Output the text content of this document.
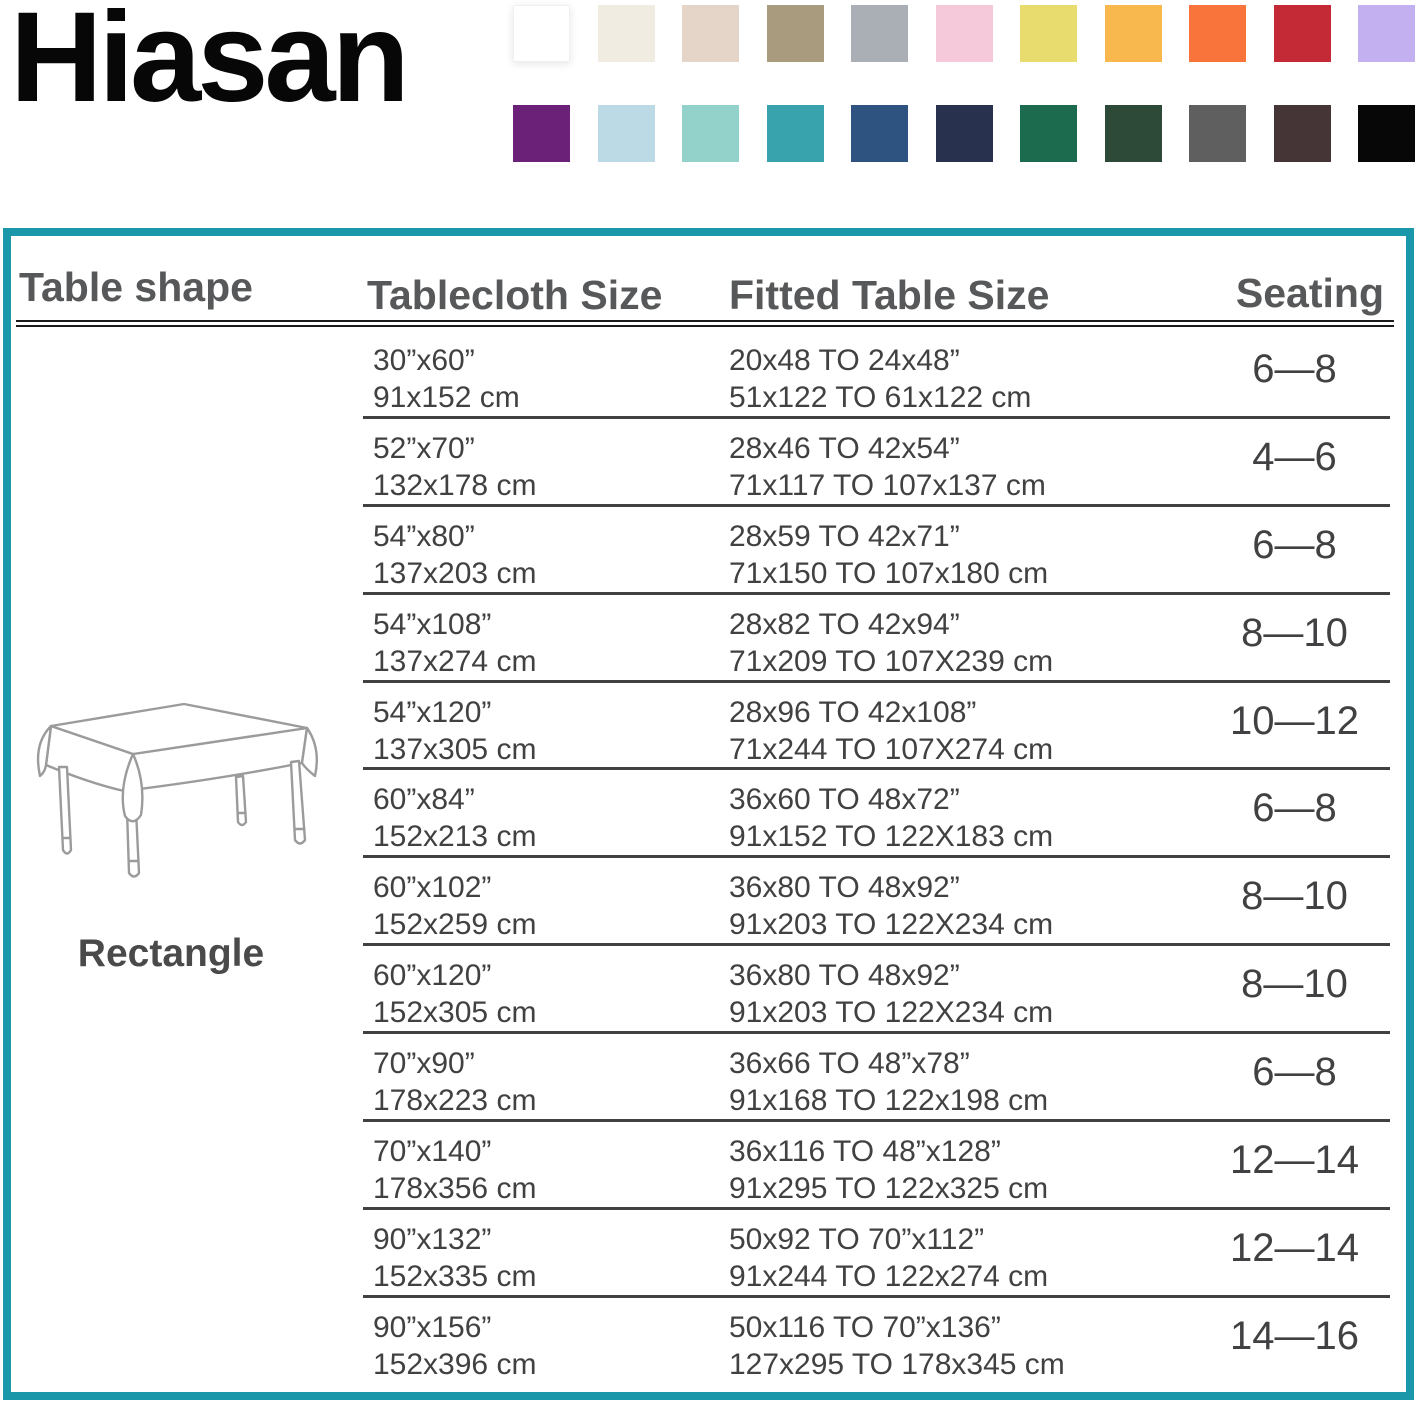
Hiasan
Table shape	Tablecloth Size Fitted Table Size	Seating
Rectangle
30”x60”
91x152 cm
20x48 TO 24x48”
51x122 TO 61x122 cm
6—8
52”x70”
132x178 cm
28x46 TO 42x54”
71x117 TO 107x137 cm
4—6
54”x80”
137x203 cm
28x59 TO 42x71”
71x150 TO 107x180 cm
6—8
54”x108”
137x274 cm
28x82 TO 42x94”
71x209 TO 107X239 cm
8—10
54”x120”
137x305 cm
28x96 TO 42x108”
71x244 TO 107X274 cm
10—12
60”x84”
152x213 cm
36x60 TO 48x72”
91x152 TO 122X183 cm
6—8
60”x102”
152x259 cm
36x80 TO 48x92”
91x203 TO 122X234 cm
8—10
60”x120”
152x305 cm
36x80 TO 48x92”
91x203 TO 122X234 cm
8—10
70”x90”
178x223 cm
36x66 TO 48”x78”
91x168 TO 122x198 cm
6—8
70”x140”
178x356 cm
36x116 TO 48”x128”
91x295 TO 122x325 cm
12—14
90”x132”
152x335 cm
50x92 TO 70”x112”
91x244 TO 122x274 cm
12—14
90”x156”
152x396 cm
50x116 TO 70”x136”
127x295 TO 178x345 cm
14—16
